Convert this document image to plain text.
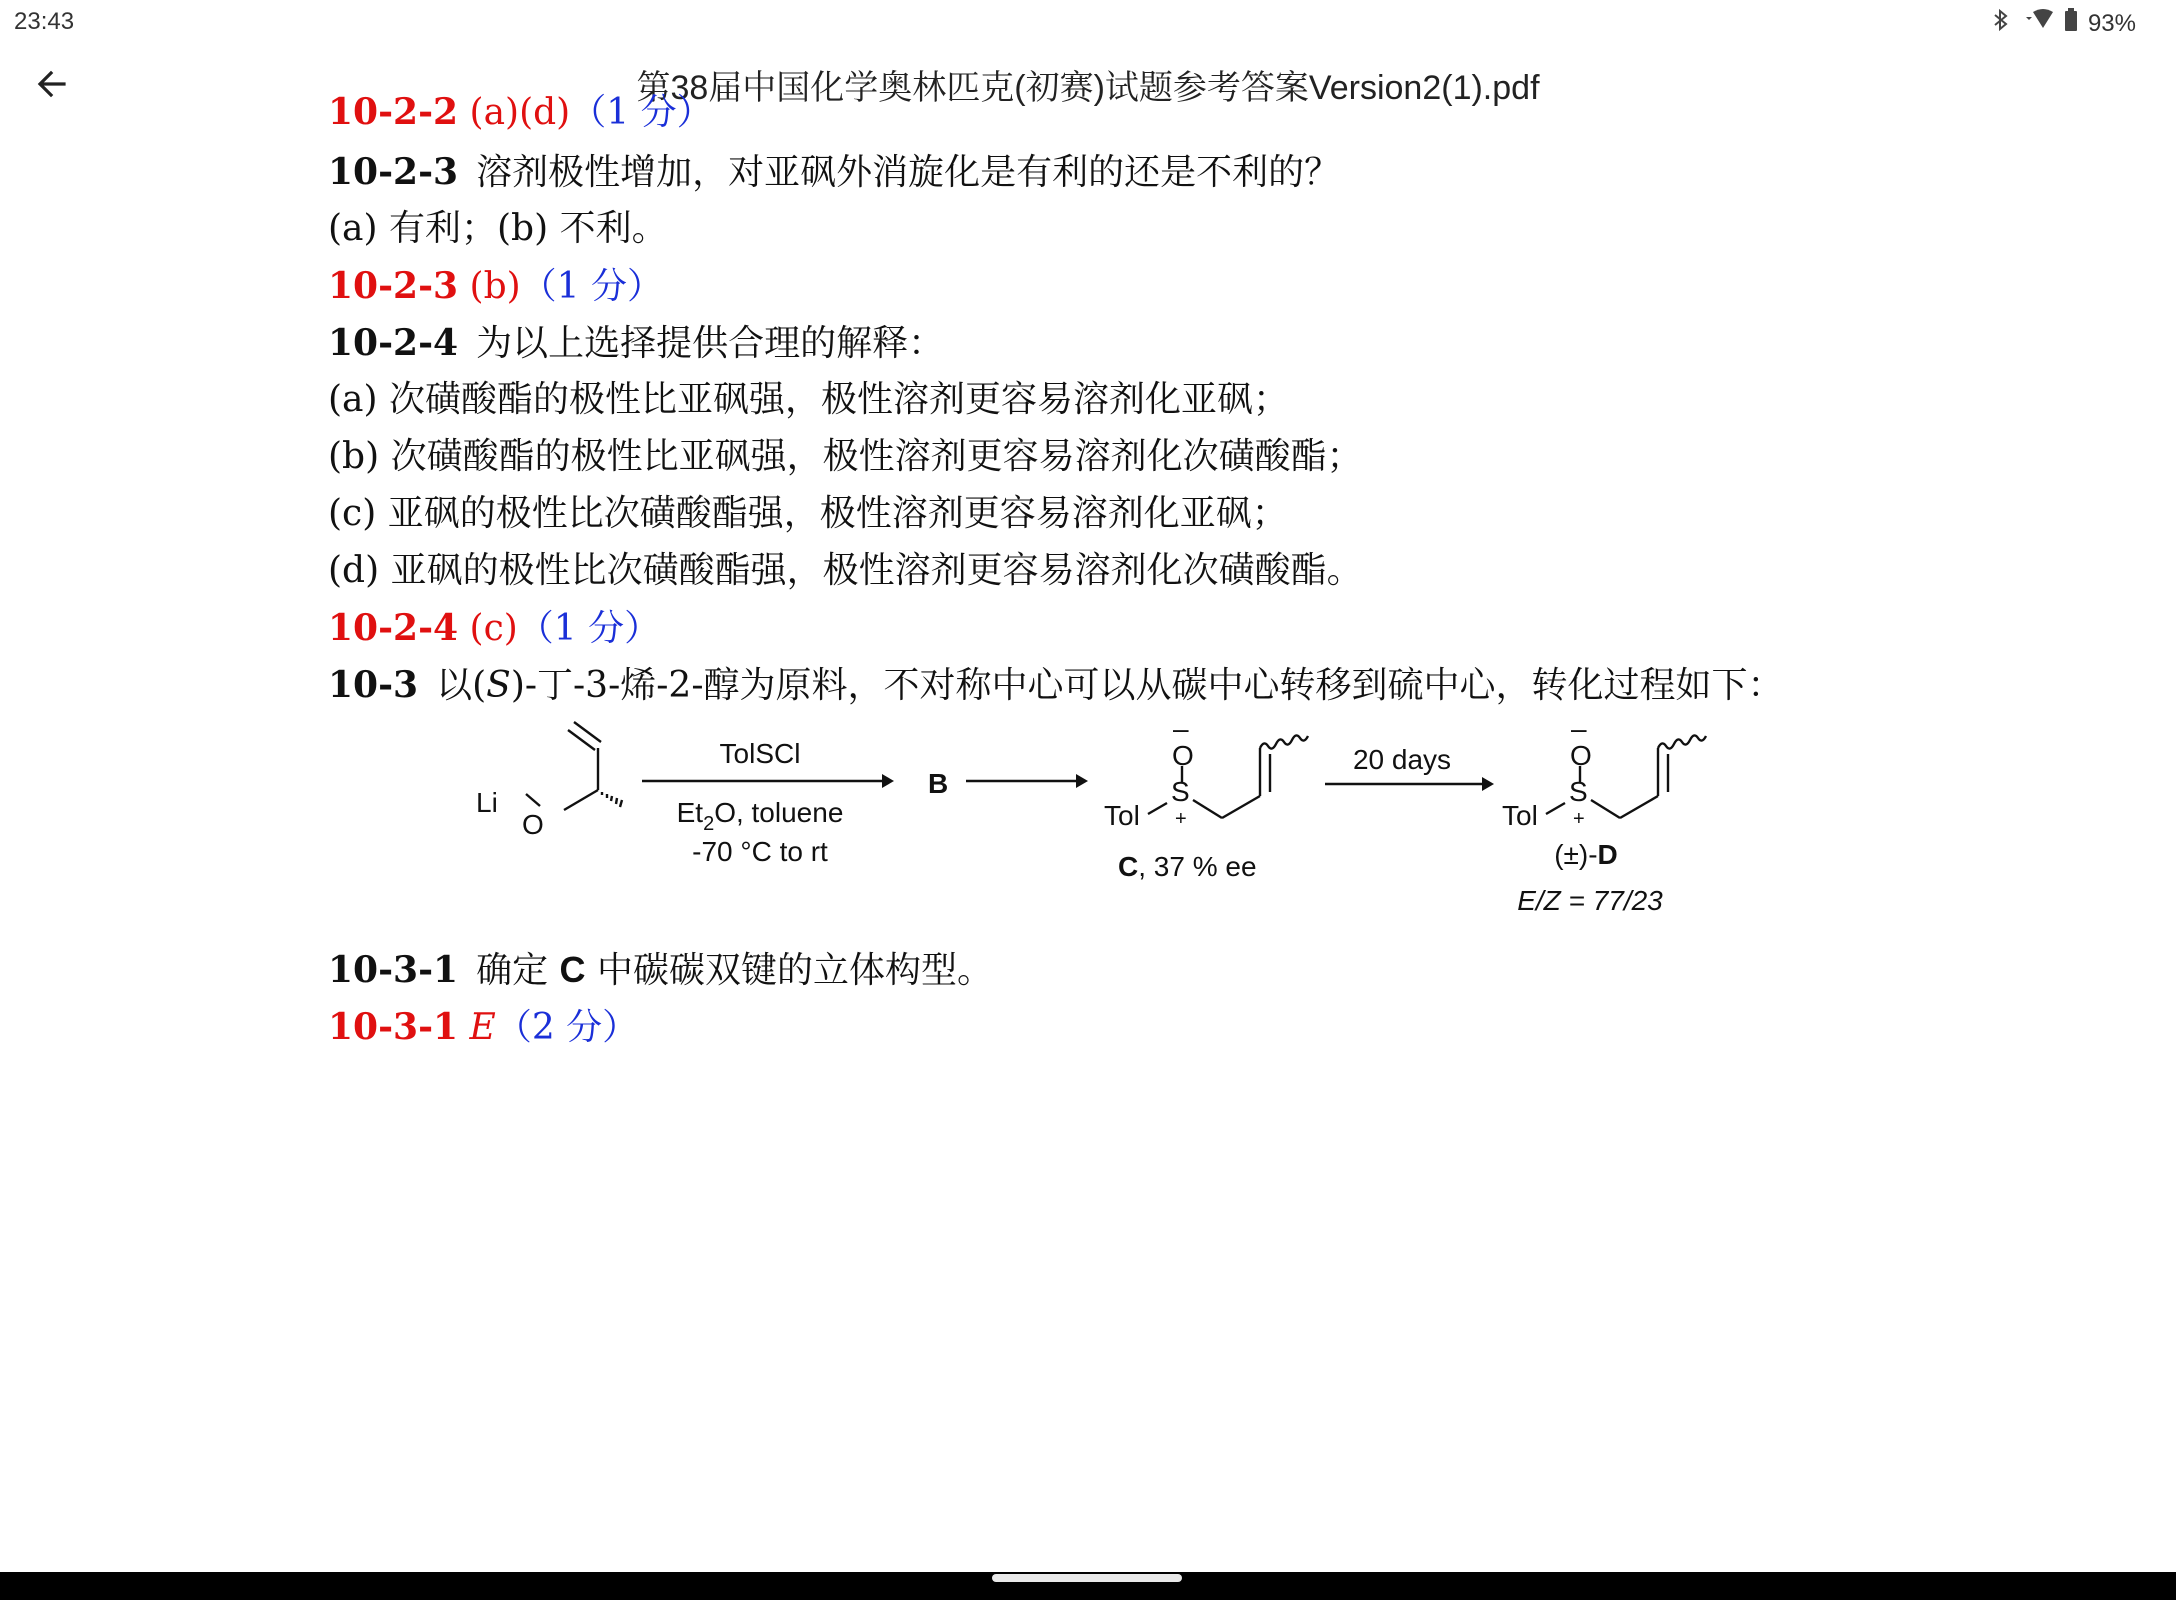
23:43	93%
第38届中国化学奥林匹克(初赛)试题参考答案Version2(1).pdf
10-2-2 (a)(d)（1 分）
10-2-3 溶剂极性增加，对亚砜外消旋化是有利的还是不利的？
(a) 有利；(b) 不利。
10-2-3 (b)（1 分）
10-2-4 为以上选择提供合理的解释：
(a) 次磺酸酯的极性比亚砜强，极性溶剂更容易溶剂化亚砜；
(b) 次磺酸酯的极性比亚砜强，极性溶剂更容易溶剂化次磺酸酯；
(c) 亚砜的极性比次磺酸酯强，极性溶剂更容易溶剂化亚砜；
(d) 亚砜的极性比次磺酸酯强，极性溶剂更容易溶剂化次磺酸酯。
10-2-4 (c)（1 分）
10-3 以(S)-丁-3-烯-2-醇为原料，不对称中心可以从碳中心转移到硫中心，转化过程如下：
Li
O
TolSCl
$Et_2O$, toluene
-70 °C to rt
B
–
O
S
+
Tol
C, 37 % ee
20 days
–
O
S
+
Tol
(±)-D
E/Z = 77/23
10-3-1 确定 C 中碳碳双键的立体构型。
10-3-1 E（2 分）
